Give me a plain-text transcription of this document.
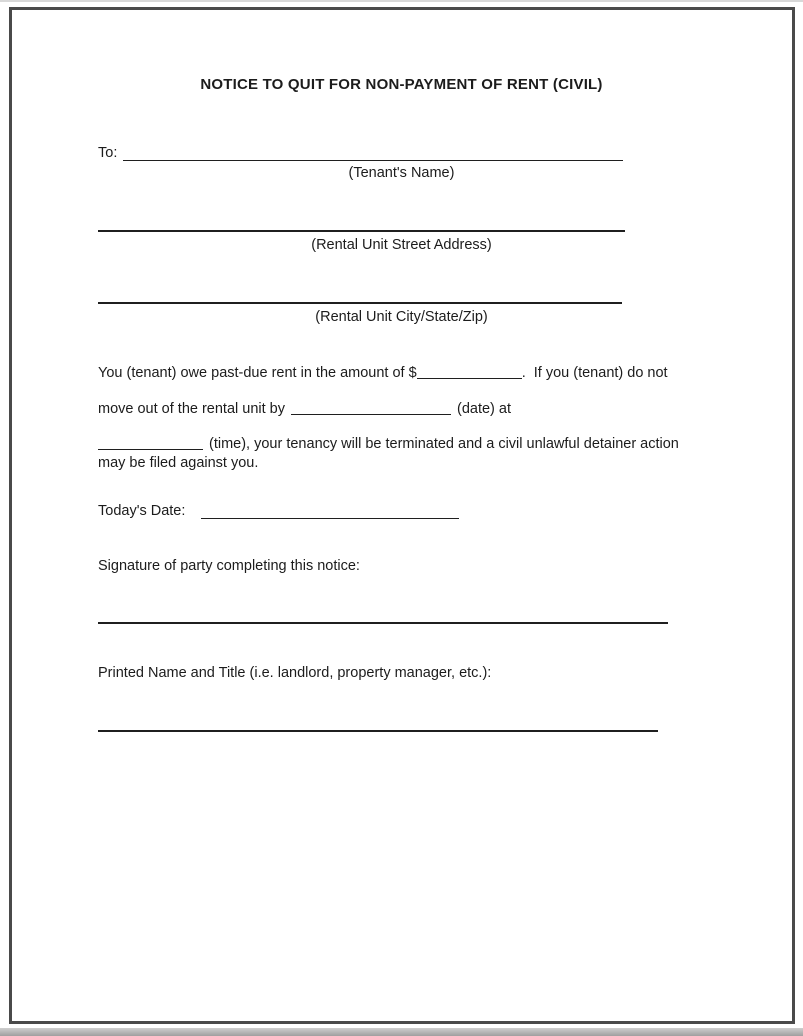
NOTICE TO QUIT FOR NON-PAYMENT OF RENT (CIVIL)
To:
(Tenant's Name)
(Rental Unit Street Address)
(Rental Unit City/State/Zip)
You (tenant) owe past-due rent in the amount of $	.  If you (tenant) do not
move out of the rental unit by	(date) at
(time), your tenancy will be terminated and a civil unlawful detainer action may be filed against you.
Today's Date:
Signature of party completing this notice:
Printed Name and Title (i.e. landlord, property manager, etc.):
